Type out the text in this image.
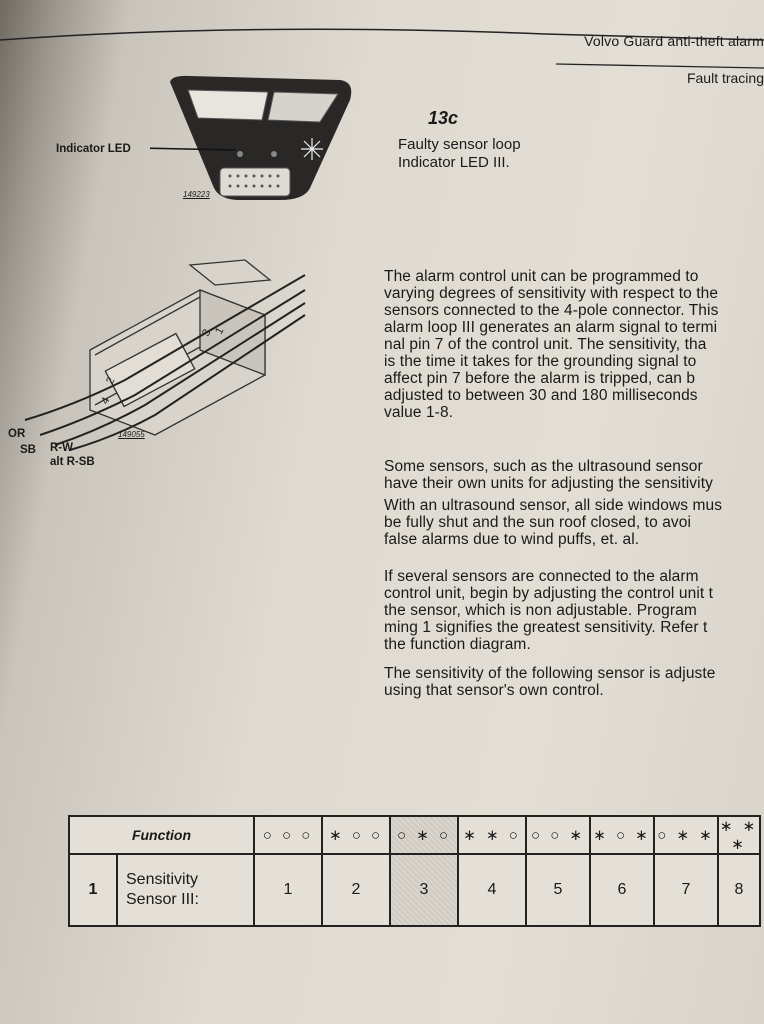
Volvo Guard anti-theft alarm
Fault tracing
Indicator LED
149223
13c
Faulty sensor loop
Indicator LED III.
3 1
2
4
149055
OR
SB R-W
alt R-SB
The alarm control unit can be programmed to
varying degrees of sensitivity with respect to the
sensors connected to the 4-pole connector. This
alarm loop III generates an alarm signal to termi
nal pin 7 of the control unit. The sensitivity, tha
is the time it takes for the grounding signal to
affect pin 7 before the alarm is tripped, can b
adjusted to between 30 and 180 milliseconds
value 1-8.
Some sensors, such as the ultrasound sensor
have their own units for adjusting the sensitivity
With an ultrasound sensor, all side windows mus
be fully shut and the sun roof closed, to avoi
false alarms due to wind puffs, et. al.
If several sensors are connected to the alarm
control unit, begin by adjusting the control unit t
the sensor, which is non adjustable. Program
ming 1 signifies the greatest sensitivity. Refer t
the function diagram.
The sensitivity of the following sensor is adjuste
using that sensor's own control.
Function		○ ○ ○	∗ ○ ○	○ ∗ ○	∗ ∗ ○	○ ○ ∗	∗ ○ ∗	○ ∗ ∗	∗ ∗ ∗
1	Sensitivity
Sensor III:	1	2	3	4	5	6	7	8
